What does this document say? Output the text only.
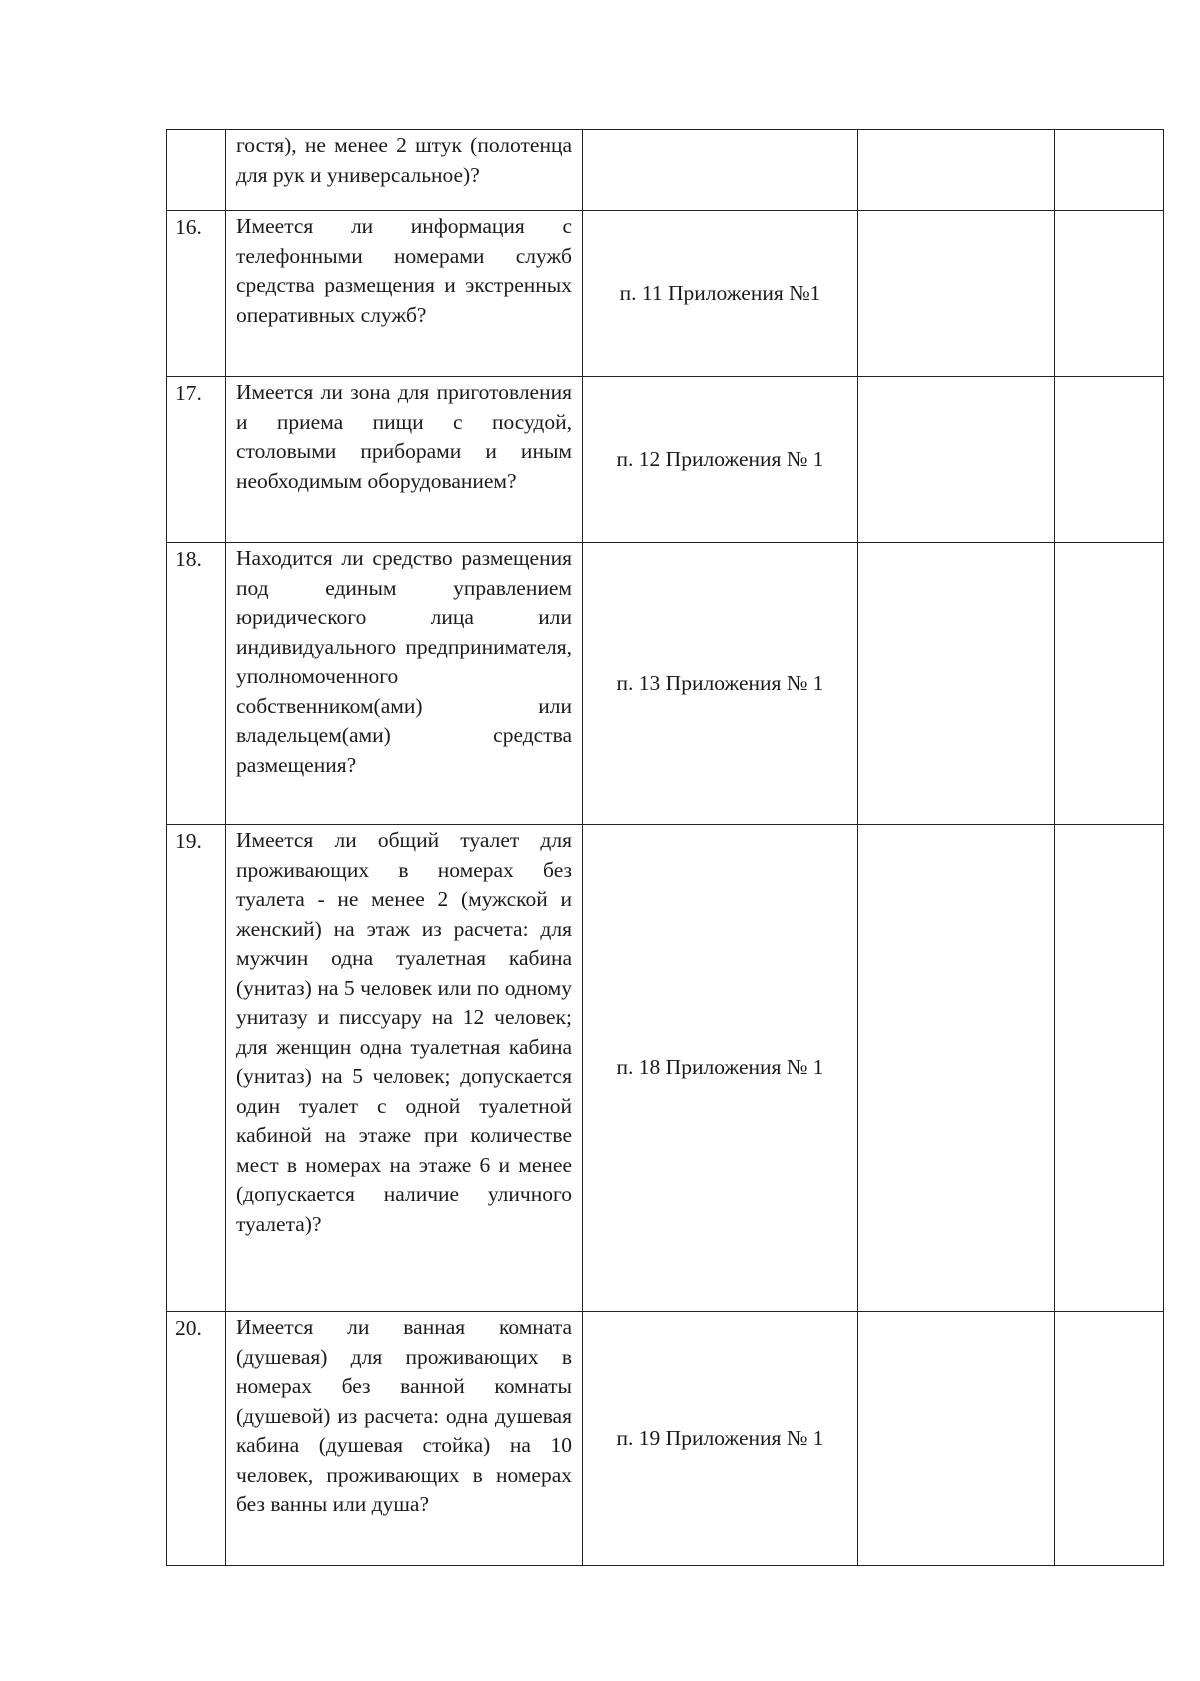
	гостя), не менее 2 штук (полотенца для рук и универсальное)?			
16.	Имеется ли информация с телефонными номерами служб средства размещения и экстренных оперативных служб?	п. 11 Приложения №1		
17.	Имеется ли зона для приготовления и приема пищи с посудой, столовыми приборами и иным необходимым оборудованием?	п. 12 Приложения № 1		
18.	Находится ли средство размещения под единым управлением юридического лица или индивидуального предпринимателя, уполномоченного собственником(ами) или владельцем(ами) средства размещения?	п. 13 Приложения № 1		
19.	Имеется ли общий туалет для проживающих в номерах без туалета - не менее 2 (мужской и женский) на этаж из расчета: для мужчин одна туалетная кабина (унитаз) на 5 человек или по одному унитазу и писсуару на 12 человек; для женщин одна туалетная кабина (унитаз) на 5 человек; допускается один туалет с одной туалетной кабиной на этаже при количестве мест в номерах на этаже 6 и менее (допускается наличие уличного туалета)?	п. 18 Приложения № 1		
20.	Имеется ли ванная комната (душевая) для проживающих в номерах без ванной комнаты (душевой) из расчета: одна душевая кабина (душевая стойка) на 10 человек, проживающих в номерах без ванны или душа?	п. 19 Приложения № 1		
